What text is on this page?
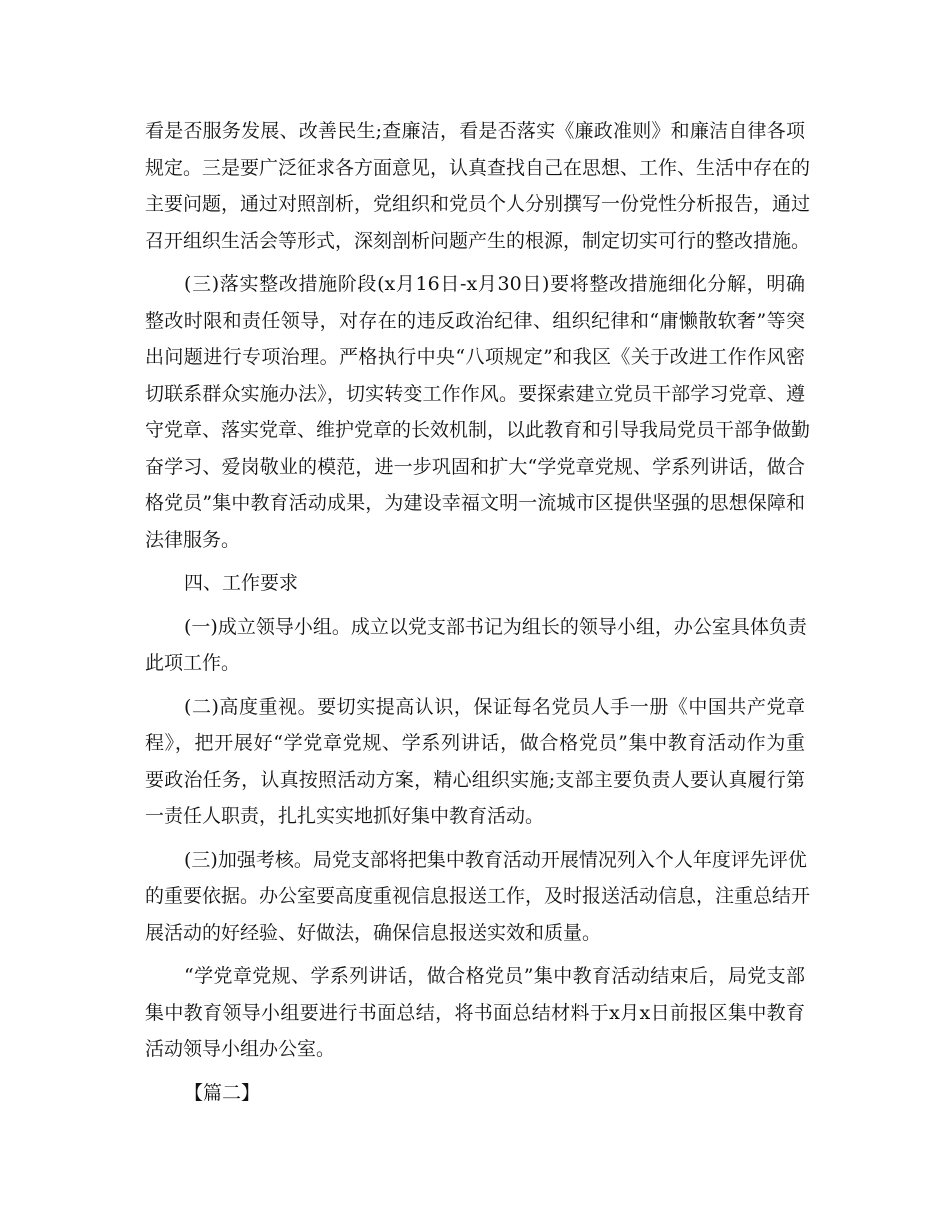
看是否服务发展、改善民生;查廉洁，看是否落实《廉政准则》和廉洁自律各项
规定。三是要广泛征求各方面意见，认真查找自己在思想、工作、生活中存在的
主要问题，通过对照剖析，党组织和党员个人分别撰写一份党性分析报告，通过
召开组织生活会等形式，深刻剖析问题产生的根源，制定切实可行的整改措施。
(三)落实整改措施阶段(x月16日-x月30日)要将整改措施细化分解，明确
整改时限和责任领导，对存在的违反政治纪律、组织纪律和“庸懒散软奢”等突
出问题进行专项治理。严格执行中央“八项规定”和我区《关于改进工作作风密
切联系群众实施办法》，切实转变工作作风。要探索建立党员干部学习党章、遵
守党章、落实党章、维护党章的长效机制，以此教育和引导我局党员干部争做勤
奋学习、爱岗敬业的模范，进一步巩固和扩大“学党章党规、学系列讲话，做合
格党员”集中教育活动成果，为建设幸福文明一流城市区提供坚强的思想保障和
法律服务。
四、工作要求
(一)成立领导小组。成立以党支部书记为组长的领导小组，办公室具体负责
此项工作。
(二)高度重视。要切实提高认识，保证每名党员人手一册《中国共产党章
程》，把开展好“学党章党规、学系列讲话，做合格党员”集中教育活动作为重
要政治任务，认真按照活动方案，精心组织实施;支部主要负责人要认真履行第
一责任人职责，扎扎实实地抓好集中教育活动。
(三)加强考核。局党支部将把集中教育活动开展情况列入个人年度评先评优
的重要依据。办公室要高度重视信息报送工作，及时报送活动信息，注重总结开
展活动的好经验、好做法，确保信息报送实效和质量。
“学党章党规、学系列讲话，做合格党员”集中教育活动结束后，局党支部
集中教育领导小组要进行书面总结，将书面总结材料于x月x日前报区集中教育
活动领导小组办公室。
【篇二】
